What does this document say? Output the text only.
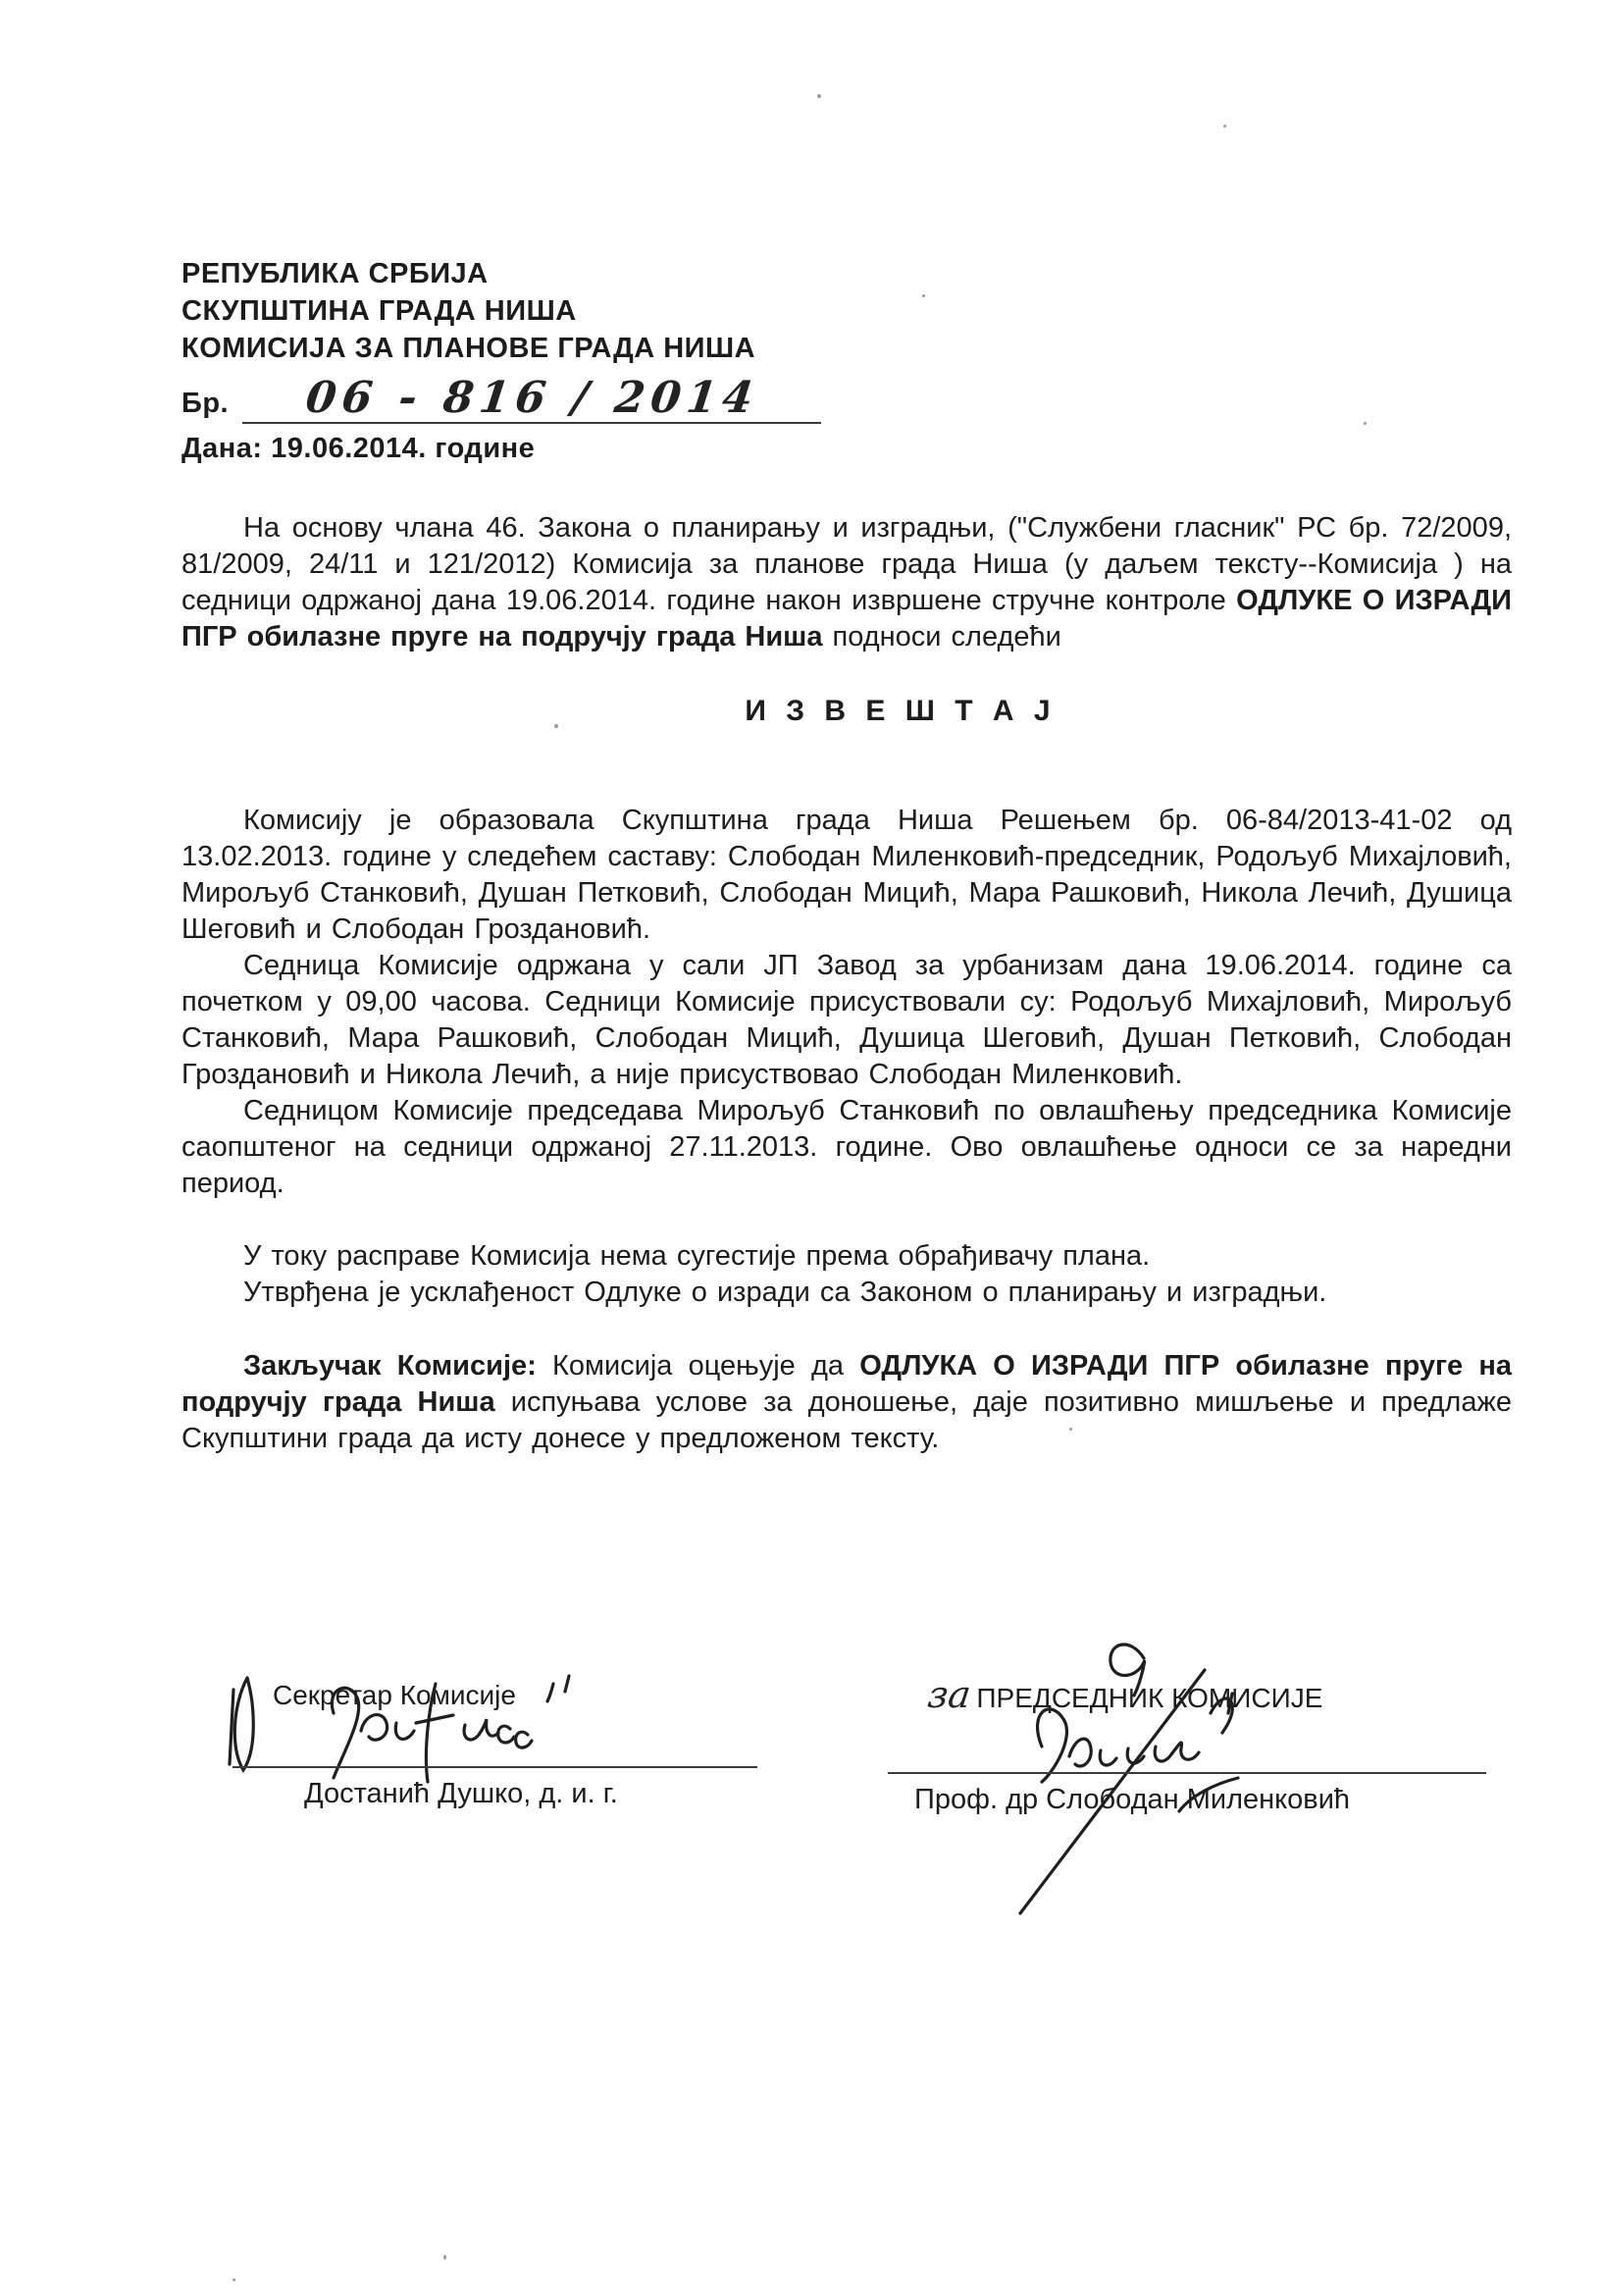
РЕПУБЛИКА СРБИЈА
СКУПШТИНА ГРАДА НИША
КОМИСИЈА ЗА ПЛАНОВЕ ГРАДА НИША
Бр.	06 - 816 / 2014
Дана: 19.06.2014. године

На основу члана 46. Закона о планирању и изградњи, ("Службени гласник" РС бр. 72/2009, 81/2009, 24/11 и 121/2012) Комисија за планове града Ниша (у даљем тексту--Комисија ) на седници одржаној дана 19.06.2014. године након извршене стручне контроле ОДЛУКЕ О ИЗРАДИ ПГР обилазне пруге на подручју града Ниша подноси следећи

И З В Е Ш Т А Ј

Комисију је образовала Скупштина града Ниша Решењем бр. 06-84/2013-41-02 од 13.02.2013. године у следећем саставу: Слободан Миленковић-председник, Родољуб Михајловић, Мирољуб Станковић, Душан Петковић, Слободан Мицић, Мара Рашковић, Никола Лечић, Душица Шеговић и Слободан Гроздановић.

Седница Комисије одржана у сали ЈП Завод за урбанизам дана 19.06.2014. године са почетком у 09,00 часова. Седници Комисије присуствовали су: Родољуб Михајловић, Мирољуб Станковић, Мара Рашковић, Слободан Мицић, Душица Шеговић, Душан Петковић, Слободан Гроздановић и Никола Лечић, а није присуствовао Слободан Миленковић.

Седницом Комисије председава Мирољуб Станковић по овлашћењу председника Комисије саопштеног на седници одржаној 27.11.2013. године. Ово овлашћење односи се за наредни период.

У току расправе Комисија нема сугестије према обрађивачу плана.

Утврђена је усклађеност Одлуке о изради са Законом о планирању и изградњи.

Закључак Комисије: Комисија оцењује да ОДЛУКА О ИЗРАДИ ПГР обилазне пруге на подручју града Ниша испуњава услове за доношење, даје позитивно мишљење и предлаже Скупштини града да исту донесе у предложеном тексту.

Секретар Комисије
Достанић Душко, д. и. г.
за ПРЕДСЕДНИК КОМИСИЈЕ
Проф. др Слободан Миленковић
